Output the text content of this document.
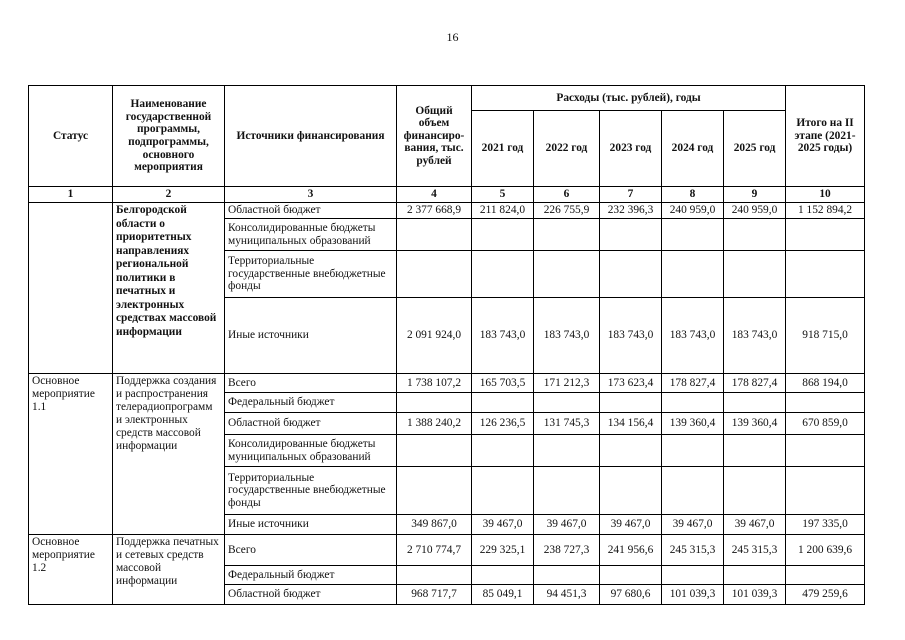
16
Статус	Наименование государственной программы, подпрограммы, основного мероприятия	Источники финансирования	Общий объем финансиро-вания, тыс. рублей	Расходы (тыс. рублей), годы					Итого на II этапе (2021-2025 годы)
				2021 год	2022 год	2023 год	2024 год	2025 год	
1	2	3	4	5	6	7	8	9	10
	Белгородской области о приоритетных направлениях региональной политики в печатных и электронных средствах массовой информации	Областной бюджет	2 377 668,9	211 824,0	226 755,9	232 396,3	240 959,0	240 959,0	1 152 894,2
		Консолидированные бюджеты муниципальных образований							
		Территориальные государственные внебюджетные фонды							
		Иные источники	2 091 924,0	183 743,0	183 743,0	183 743,0	183 743,0	183 743,0	918 715,0
Основное мероприятие 1.1	Поддержка создания и распространения телерадиопрограмм и электронных средств массовой информации	Всего	1 738 107,2	165 703,5	171 212,3	173 623,4	178 827,4	178 827,4	868 194,0
		Федеральный бюджет							
		Областной бюджет	1 388 240,2	126 236,5	131 745,3	134 156,4	139 360,4	139 360,4	670 859,0
		Консолидированные бюджеты муниципальных образований							
		Территориальные государственные внебюджетные фонды							
		Иные источники	349 867,0	39 467,0	39 467,0	39 467,0	39 467,0	39 467,0	197 335,0
Основное мероприятие 1.2	Поддержка печатных и сетевых средств массовой информации	Всего	2 710 774,7	229 325,1	238 727,3	241 956,6	245 315,3	245 315,3	1 200 639,6
		Федеральный бюджет							
		Областной бюджет	968 717,7	85 049,1	94 451,3	97 680,6	101 039,3	101 039,3	479 259,6
